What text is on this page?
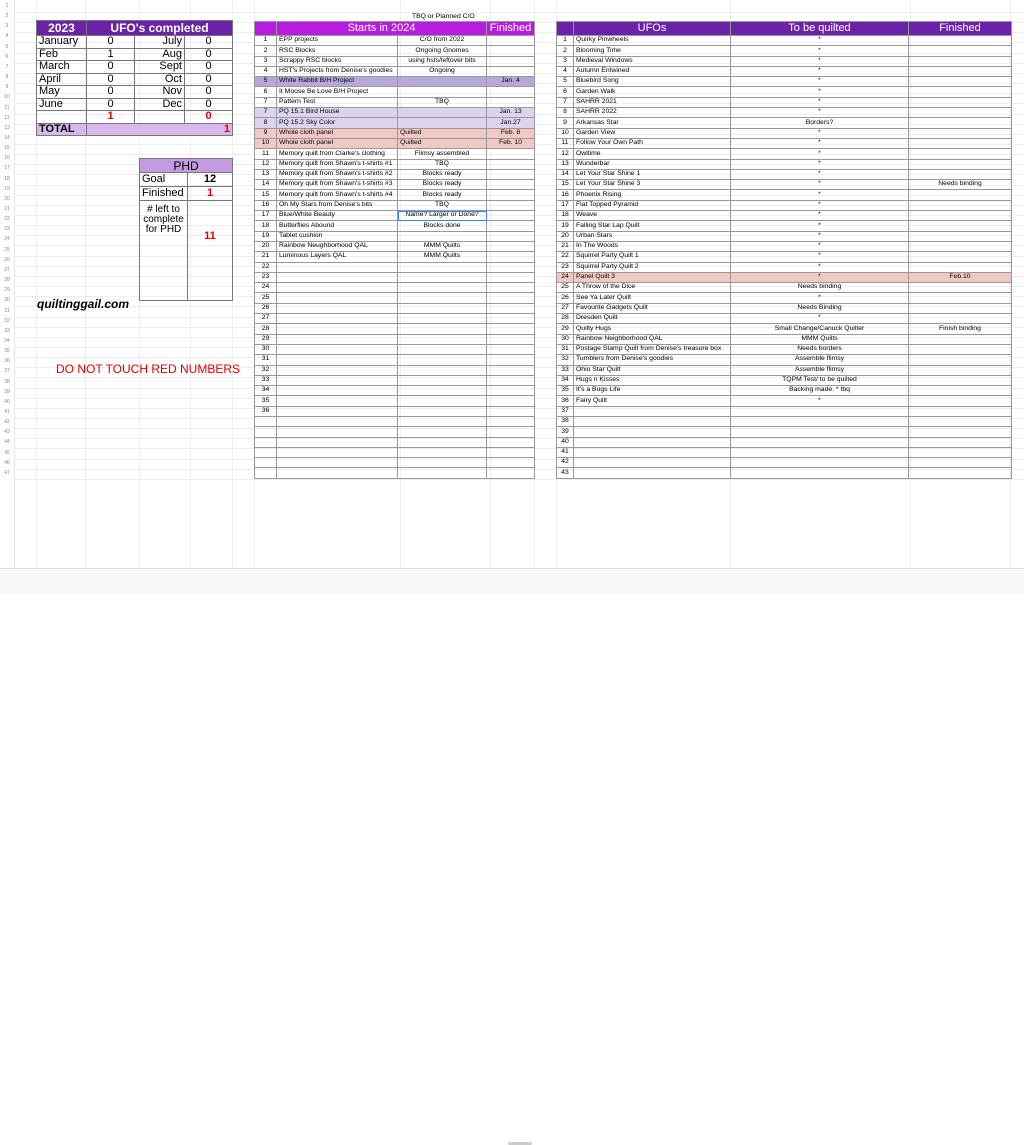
1
2
3
4
5
6
7
8
9
10
11
12
13
14
15
16
17
18
19
20
21
22
23
24
25
26
27
28
29
30
31
32
33
34
35
36
37
38
39
40
41
42
43
44
45
46
47
2023	UFO's completed		
January	0	July	0
Feb	1	Aug	0
March	0	Sept	0
April	0	Oct	0
May	0	Nov	0
June	0	Dec	0
	1		0
TOTAL	1		
PHD	
Goal	12
Finished	1
# left to complete for PHD	11
quiltinggail.com
DO NOT TOUCH RED NUMBERS
TBQ or Planned C/O
	Starts in 2024		Finished
1	EPP projects	C/O from 2022	
2	RSC Blocks	Ongoing Gnomes	
3	Scrappy RSC blocks	using hsts/leftover bits	
4	HST's Projects from Denise's goodies	Ongoing	
5	White Rabbit B/H Project		Jan. 4
6	It Moose Be Love B/H Project		
7	Pattern Test	TBQ	
7	PQ 15.1 Bird House		Jan. 13
8	PQ 15.2 Sky Color		Jan.27
9	Whole cloth panel	Quilted	Feb. 8
10	Whole cloth panel	Quilted	Feb. 10
11	Memory quilt from Clarke's clothing	Flimsy assembled	
12	Memory quilt from Shawn's t-shirts #1	TBQ	
13	Memory quilt from Shawn's t-shirts #2	Blocks ready	
14	Memory quilt from Shawn's t-shirts #3	Blocks ready	
15	Memory quilt from Shawn's t-shirts #4	Blocks ready	
16	Oh My Stars from Denise's bits	TBQ	
17	Blue/White Beauty	Name? Larger or Done?	
18	Butterflies Abound	Blocks done	
19	Tablet cushion		
20	Rainbow Neughborhood QAL	MMM Quilts	
21	Luminous Layers QAL	MMM Quilts	
22			
23			
24			
25			
26			
27			
28			
29			
30			
31			
32			
33			
34			
35			
36			

	UFOs	To be quilted	Finished
1	Quirky Pinwheels	*	
2	Blooming Time	*	
3	Medieval Windows	*	
4	Autumn Entwined	*	
5	Bluebird Song	*	
6	Garden Walk	*	
7	SAHRR 2021	*	
8	SAHRR 2022	*	
9	Arkansas Star	Borders?	
10	Garden View	*	
11	Follow Your Own Path	*	
12	Owltime	*	
13	Wunderbar	*	
14	Let Your Star Shine 1	*	
15	Let Your Star Shine 3	*	Needs binding
16	Phoenix Rising	*	
17	Flat Topped Pyramid	*	
18	Weave	*	
19	Falling Star Lap Quilt	*	
20	Urban Stars	*	
21	In The Woods	*	
22	Squirrel Party Quilt 1	*	
23	Squirrel Party Quilt 2	*	
24	Panel Quilt 3	*	Feb.10
25	A Throw of the Dice	Needs binding	
26	See Ya Later Quilt	*	
27	Favourite Gadgets Quilt	Needs Binding	
28	Dresden Quilt	*	
29	Quilty Hugs	Small Change/Canuck Quilter	Finish binding
30	Rainbow Neighborhood QAL	MMM Quilts	
31	Postage Stamp Quilt from Denise's treasure box	Needs borders	
32	Tumblers from Denise's goodies	Assemble flimsy	
33	Ohio Star Quilt	Assemble flimsy	
34	Hugs n Kisses	TQPM Test/ to be quilted	
35	It's a Bugs Life	Backing made. * tbq	
36	Fairy Quilt	*	
37			
38			
39			
40			
41			
42			
43			
